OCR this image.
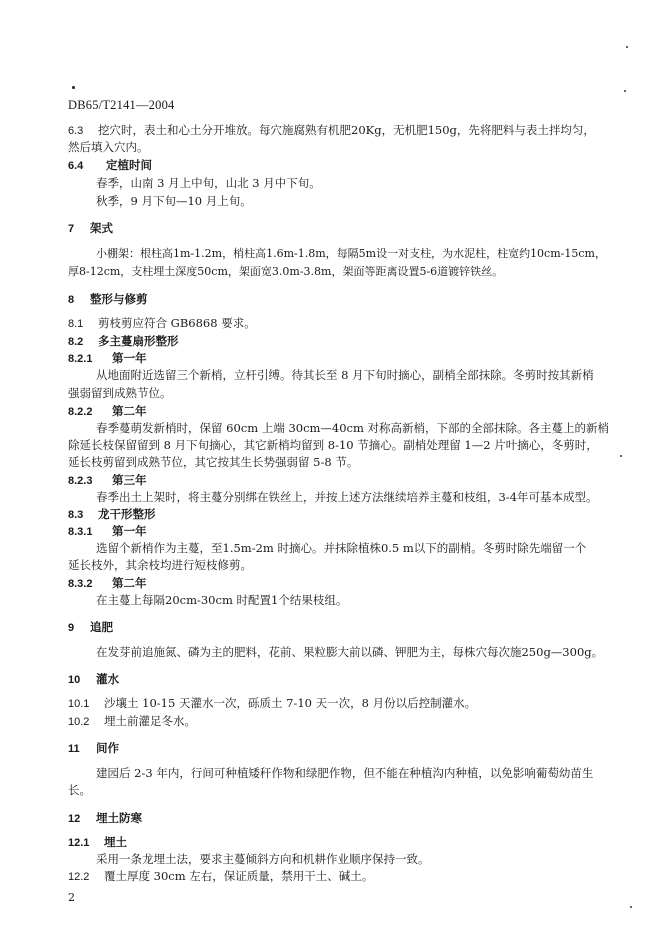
DB65/T2141—2004
6.3 挖穴时，表土和心土分开堆放。每穴施腐熟有机肥20Kg，无机肥150g，先将肥料与表土拌均匀，
然后填入穴内。
6.4 定植时间
春季，山南 3 月上中旬，山北 3 月中下旬。
秋季，9 月下旬—10 月上旬。
7 架式
小棚架：根柱高1m-1.2m，梢柱高1.6m-1.8m，每隔5m设一对支柱，为水泥柱，柱宽约10cm-15cm，
厚8-12cm，支柱埋土深度50cm，架面宽3.0m-3.8m，架面等距离设置5-6道镀锌铁丝。
8 整形与修剪
8.1 剪枝剪应符合 GB6868 要求。
8.2 多主蔓扇形整形
8.2.1 第一年
从地面附近选留三个新梢，立杆引缚。待其长至 8 月下旬时摘心，副梢全部抹除。冬剪时按其新梢
强弱留到成熟节位。
8.2.2 第二年
春季蔓萌发新梢时，保留 60cm 上端 30cm—40cm 对称高新梢，下部的全部抹除。各主蔓上的新梢
除延长枝保留留到 8 月下旬摘心，其它新梢均留到 8-10 节摘心。副梢处理留 1—2 片叶摘心，冬剪时，
延长枝剪留到成熟节位，其它按其生长势强弱留 5-8 节。
8.2.3 第三年
春季出土上架时，将主蔓分别绑在铁丝上，并按上述方法继续培养主蔓和枝组，3-4年可基本成型。
8.3 龙干形整形
8.3.1 第一年
选留个新梢作为主蔓，至1.5m-2m 时摘心。并抹除植株0.5 m以下的副梢。冬剪时除先端留一个
延长枝外，其余枝均进行短枝修剪。
8.3.2 第二年
在主蔓上每隔20cm-30cm 时配置1个结果枝组。
9 追肥
在发芽前追施氮、磷为主的肥料，花前、果粒膨大前以磷、钾肥为主，每株穴每次施250g—300g。
10 灌水
10.1 沙壤土 10-15 天灌水一次，砾质土 7-10 天一次，8 月份以后控制灌水。
10.2 埋土前灌足冬水。
11 间作
建园后 2-3 年内，行间可种植矮秆作物和绿肥作物，但不能在种植沟内种植，以免影响葡萄幼苗生
长。
12 埋土防寒
12.1 埋土
采用一条龙埋土法，要求主蔓倾斜方向和机耕作业顺序保持一致。
12.2 覆土厚度 30cm 左右，保证质量，禁用干土、碱土。
2
